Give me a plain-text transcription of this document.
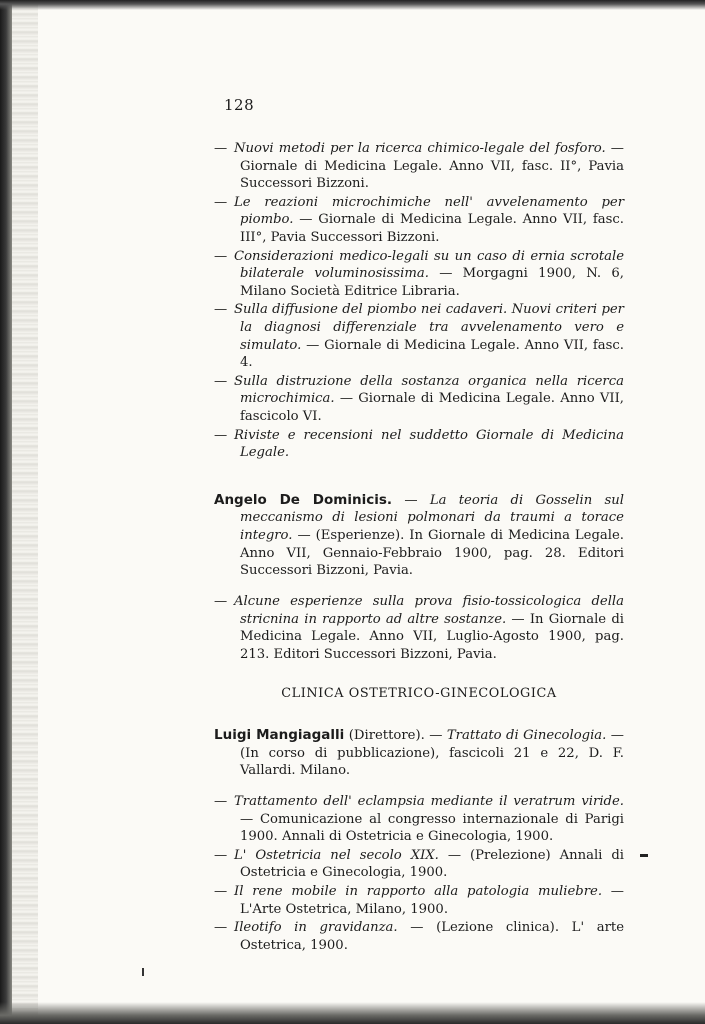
128

— Nuovi metodi per la ricerca chimico-legale del fosforo. — Giornale di Medicina Legale. Anno VII, fasc. II°, Pavia Successori Bizzoni.

— Le reazioni microchimiche nell' avvelenamento per piombo. — Giornale di Medicina Legale. Anno VII, fasc. III°, Pavia Successori Bizzoni.

— Considerazioni medico-legali su un caso di ernia scrotale bilaterale voluminosissima. — Morgagni 1900, N. 6, Milano Società Editrice Libraria.

— Sulla diffusione del piombo nei cadaveri. Nuovi criteri per la diagnosi differenziale tra avvelenamento vero e simulato. — Giornale di Medicina Legale. Anno VII, fasc. 4.

— Sulla distruzione della sostanza organica nella ricerca microchimica. — Giornale di Medicina Legale. Anno VII, fascicolo VI.

— Riviste e recensioni nel suddetto Giornale di Medicina Legale.

Angelo De Dominicis. — La teoria di Gosselin sul meccanismo di lesioni polmonari da traumi a torace integro. — (Esperienze). In Giornale di Medicina Legale. Anno VII, Gennaio-Febbraio 1900, pag. 28. Editori Successori Bizzoni, Pavia.

— Alcune esperienze sulla prova fisio-tossicologica della stricnina in rapporto ad altre sostanze. — In Giornale di Medicina Legale. Anno VII, Luglio-Agosto 1900, pag. 213. Editori Successori Bizzoni, Pavia.

CLINICA OSTETRICO-GINECOLOGICA

Luigi Mangiagalli (Direttore). — Trattato di Ginecologia. — (In corso di pubblicazione), fascicoli 21 e 22, D. F. Vallardi. Milano.

— Trattamento dell' eclampsia mediante il veratrum viride. — Comunicazione al congresso internazionale di Parigi 1900. Annali di Ostetricia e Ginecologia, 1900.

— L' Ostetricia nel secolo XIX. — (Prelezione) Annali di Ostetricia e Ginecologia, 1900.

— Il rene mobile in rapporto alla patologia muliebre. — L'Arte Ostetrica, Milano, 1900.

— Ileotifo in gravidanza. — (Lezione clinica). L' arte Ostetrica, 1900.
